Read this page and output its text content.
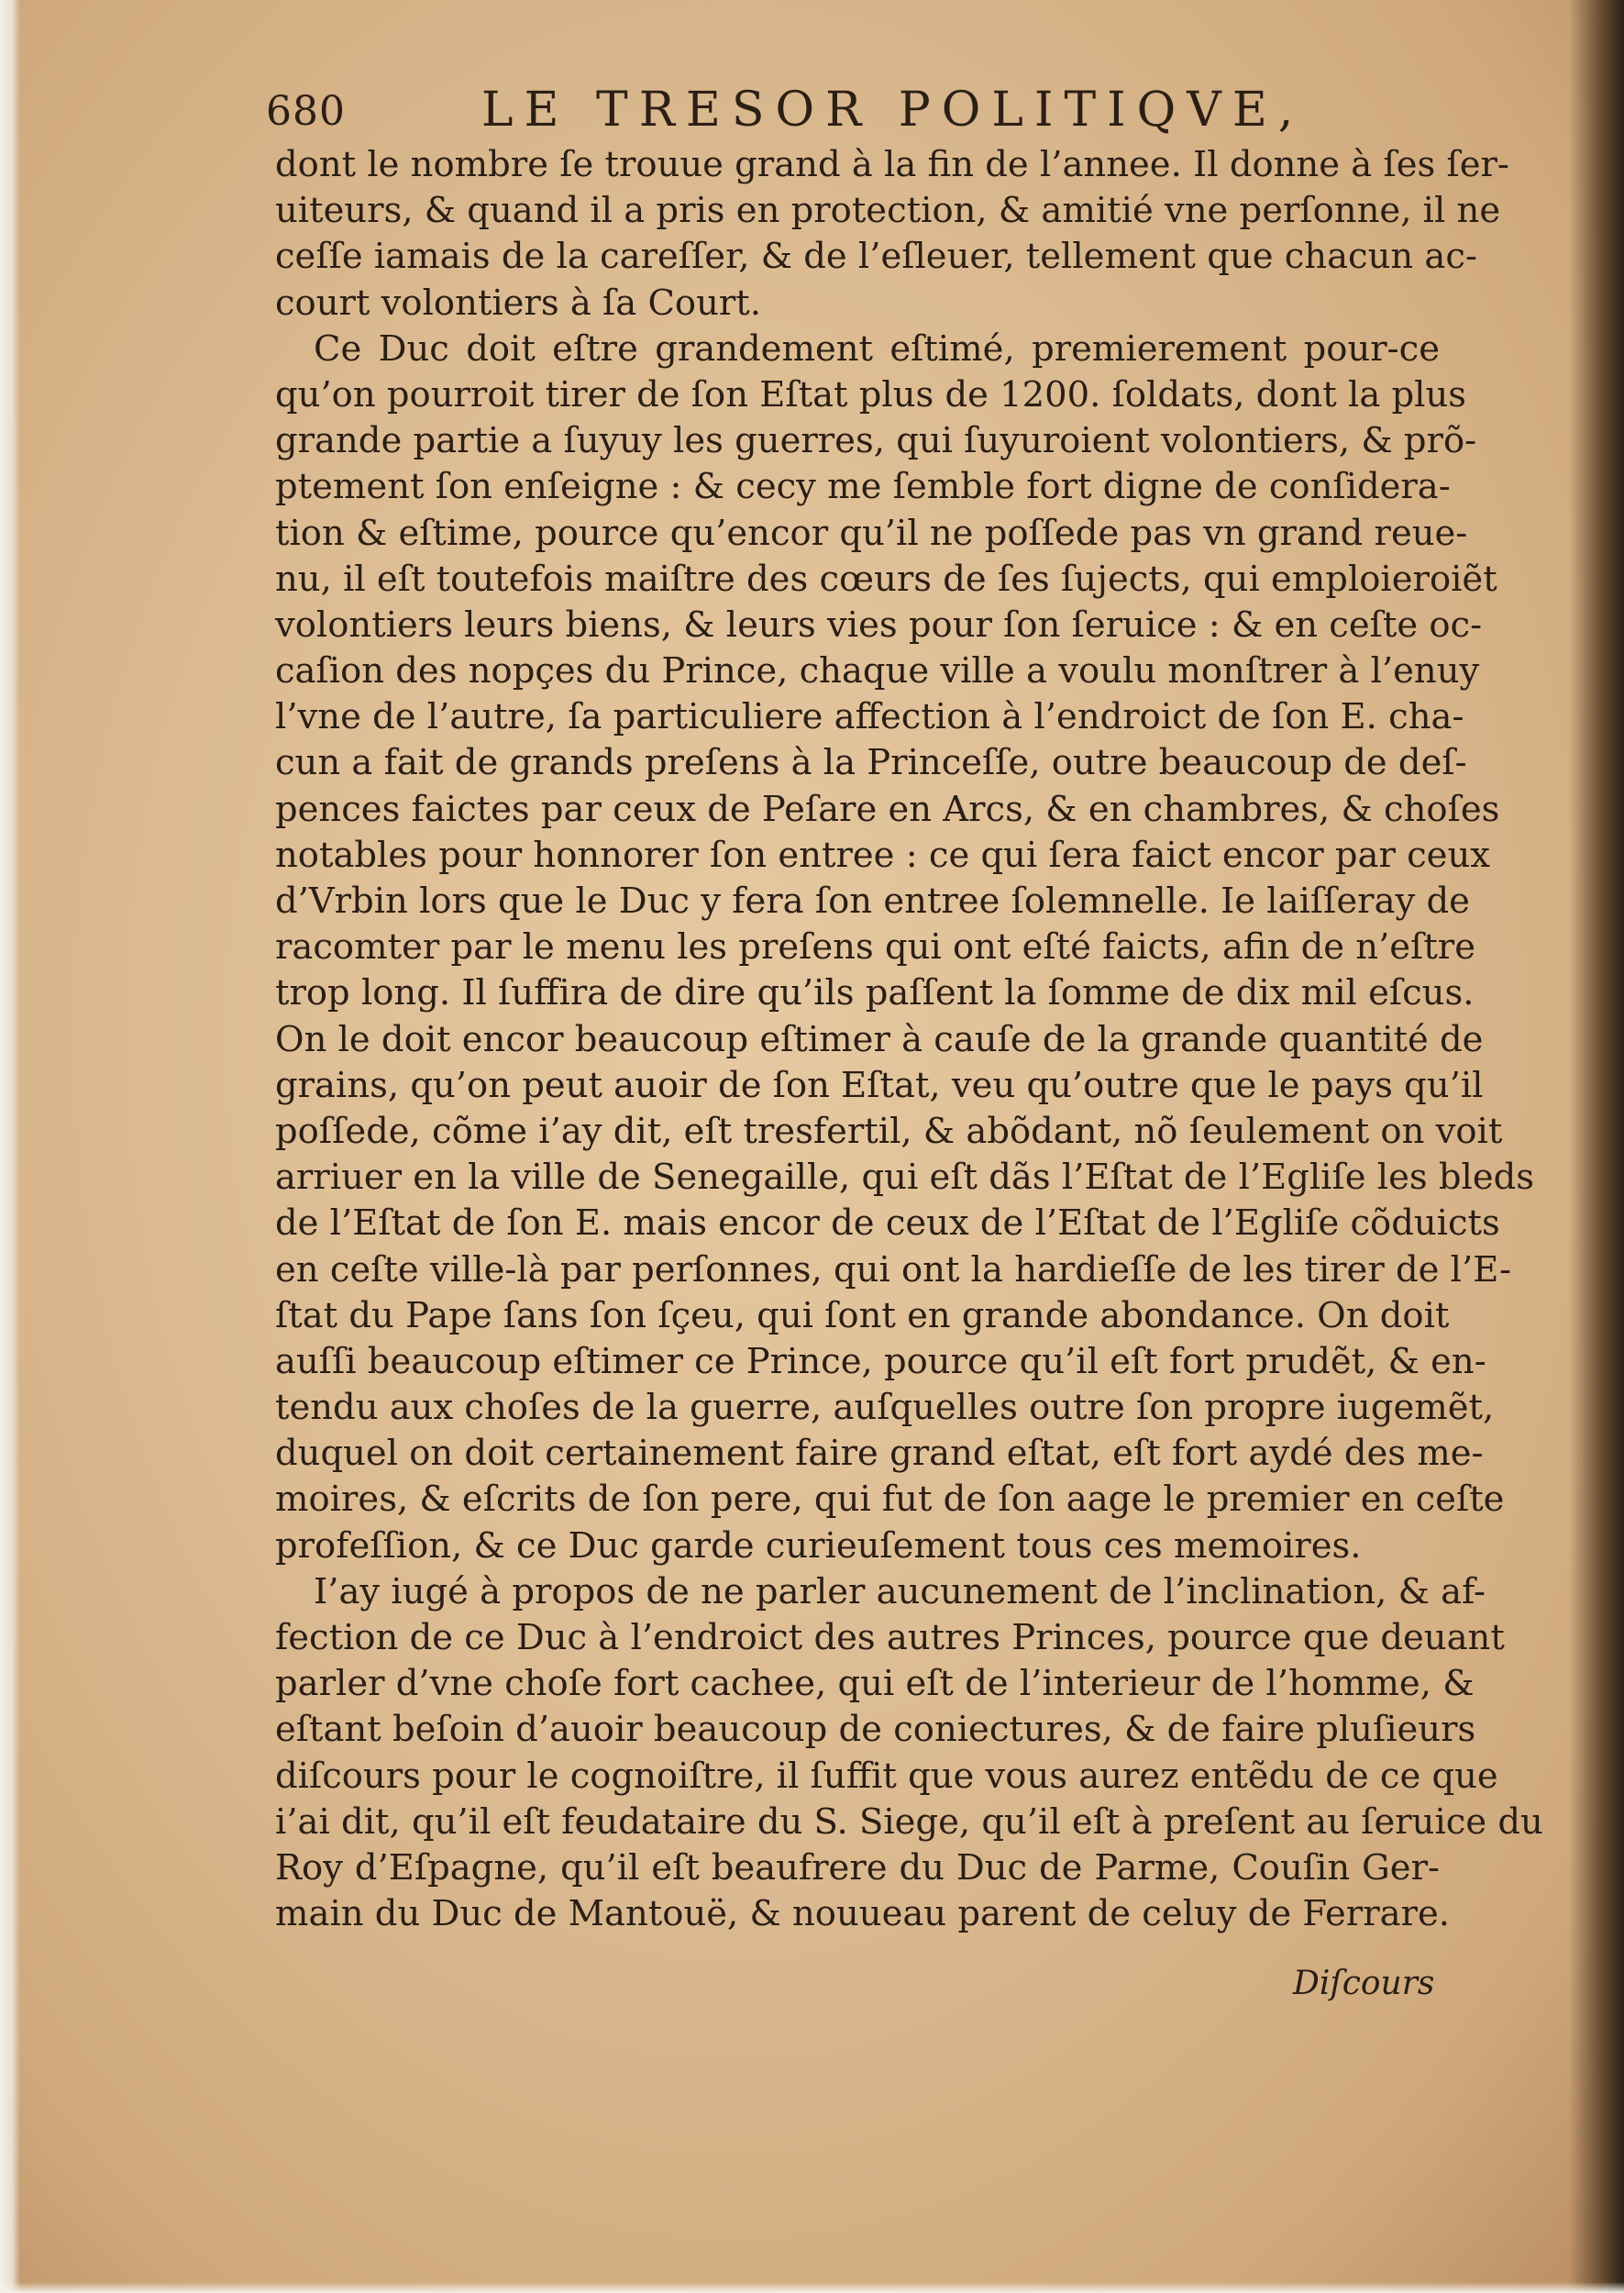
680	LE TRESOR POLITIQVE,
dont le nombre ſe trouue grand à la fin de l’annee. Il donne à ſes ſer-
uiteurs, & quand il a pris en protection, & amitié vne perſonne, il ne
ceſſe iamais de la careſſer, & de l’eſleuer, tellement que chacun ac-
court volontiers à ſa Court.
Ce Duc doit eſtre grandement eſtimé, premierement pour-ce
qu’on pourroit tirer de ſon Eſtat plus de 1200. ſoldats, dont la plus
grande partie a ſuyuy les guerres, qui ſuyuroient volontiers, & prõ-
ptement ſon enſeigne : & cecy me ſemble fort digne de conſidera-
tion & eſtime, pource qu’encor qu’il ne poſſede pas vn grand reue-
nu, il eſt toutefois maiſtre des cœurs de ſes ſujects, qui emploieroiẽt
volontiers leurs biens, & leurs vies pour ſon ſeruice : & en ceſte oc-
caſion des nopçes du Prince, chaque ville a voulu monſtrer à l’enuy
l’vne de l’autre, ſa particuliere affection à l’endroict de ſon E. cha-
cun a fait de grands preſens à la Princeſſe, outre beaucoup de deſ-
pences faictes par ceux de Peſare en Arcs, & en chambres, & choſes
notables pour honnorer ſon entree : ce qui ſera faict encor par ceux
d’Vrbin lors que le Duc y fera ſon entree ſolemnelle. Ie laiſſeray de
racomter par le menu les preſens qui ont eſté faicts, afin de n’eſtre
trop long. Il ſuffira de dire qu’ils paſſent la ſomme de dix mil eſcus.
On le doit encor beaucoup eſtimer à cauſe de la grande quantité de
grains, qu’on peut auoir de ſon Eſtat, veu qu’outre que le pays qu’il
poſſede, cõme i’ay dit, eſt tresfertil, & abõdant, nõ ſeulement on voit
arriuer en la ville de Senegaille, qui eſt dãs l’Eſtat de l’Egliſe les bleds
de l’Eſtat de ſon E. mais encor de ceux de l’Eſtat de l’Egliſe cõduicts
en ceſte ville-là par perſonnes, qui ont la hardieſſe de les tirer de l’E-
ſtat du Pape ſans ſon ſçeu, qui ſont en grande abondance. On doit
auſſi beaucoup eſtimer ce Prince, pource qu’il eſt fort prudẽt, & en-
tendu aux choſes de la guerre, auſquelles outre ſon propre iugemẽt,
duquel on doit certainement faire grand eſtat, eſt fort aydé des me-
moires, & eſcrits de ſon pere, qui fut de ſon aage le premier en ceſte
profeſſion, & ce Duc garde curieuſement tous ces memoires.
I’ay iugé à propos de ne parler aucunement de l’inclination, & af-
fection de ce Duc à l’endroict des autres Princes, pource que deuant
parler d’vne choſe fort cachee, qui eſt de l’interieur de l’homme, &
eſtant beſoin d’auoir beaucoup de coniectures, & de faire pluſieurs
diſcours pour le cognoiſtre, il ſuffit que vous aurez entẽdu de ce que
i’ai dit, qu’il eſt feudataire du S. Siege, qu’il eſt à preſent au ſeruice du
Roy d’Eſpagne, qu’il eſt beaufrere du Duc de Parme, Couſin Ger-
main du Duc de Mantouë, & nouueau parent de celuy de Ferrare.
Diſcours
